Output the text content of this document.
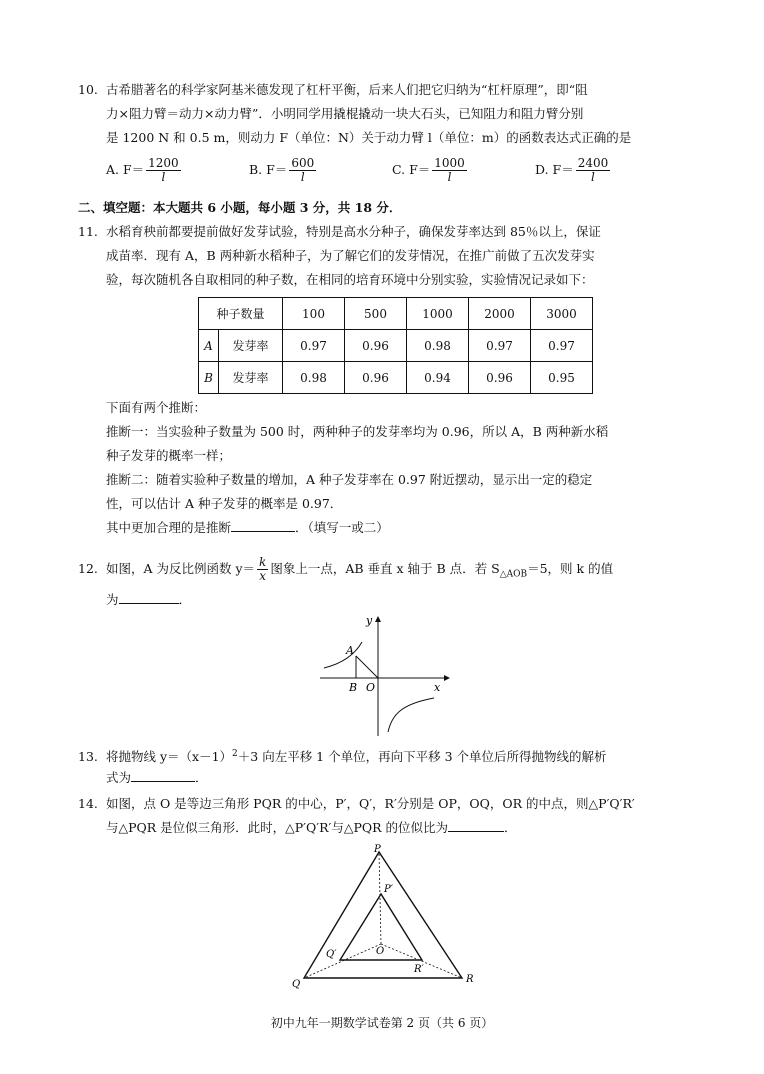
10. 古希腊著名的科学家阿基米德发现了杠杆平衡，后来人们把它归纳为“杠杆原理”，即“阻
力×阻力臂＝动力×动力臂”．小明同学用撬棍撬动一块大石头，已知阻力和阻力臂分别
是 1200 N 和 0.5 m，则动力 F（单位：N）关于动力臂 l（单位：m）的函数表达式正确的是
A. $F= \frac{1200}{l}$	B. $F= \frac{600}{l}$	C. $F= \frac{1000}{l}$	D. $F= \frac{2400}{l}$
二、填空题：本大题共 6 小题，每小题 3 分，共 18 分．
11. 水稻育秧前都要提前做好发芽试验，特别是高水分种子，确保发芽率达到 85％以上，保证
成苗率．现有 A，B 两种新水稻种子，为了解它们的发芽情况，在推广前做了五次发芽实
验，每次随机各自取相同的种子数，在相同的培育环境中分别实验，实验情况记录如下：
种子数量		100	500	1000	2000	3000
A	发芽率	0.97	0.96	0.98	0.97	0.97
B	发芽率	0.98	0.96	0.94	0.96	0.95
下面有两个推断：
推断一：当实验种子数量为 500 时，两种种子的发芽率均为 0.96，所以 A，B 两种新水稻
种子发芽的概率一样；
推断二：随着实验种子数量的增加，A 种子发芽率在 0.97 附近摆动，显示出一定的稳定
性，可以估计 A 种子发芽的概率是 0.97．
其中更加合理的是推断	．（填写一或二）
12. 如图，A 为反比例函数 $y= \frac{k}{x}$ 图象上一点，AB 垂直 x 轴于 B 点．若 $S_{\triangle AOB}=5$，则 k 的值
为	．
y
A
B O	x
13. 将抛物线 $y=(x-1)^2+3$ 向左平移 1 个单位，再向下平移 3 个单位后所得抛物线的解析
式为	．
14. 如图，点 O 是等边三角形 PQR 的中心，P′，Q′，R′分别是 OP，OQ，OR 的中点，则△P′Q′R′
与△PQR 是位似三角形．此时，△P′Q′R′与△PQR 的位似比为	．
P
P′
O
Q′
R′
Q	R
初中九年一期数学试卷第 2 页（共 6 页）
